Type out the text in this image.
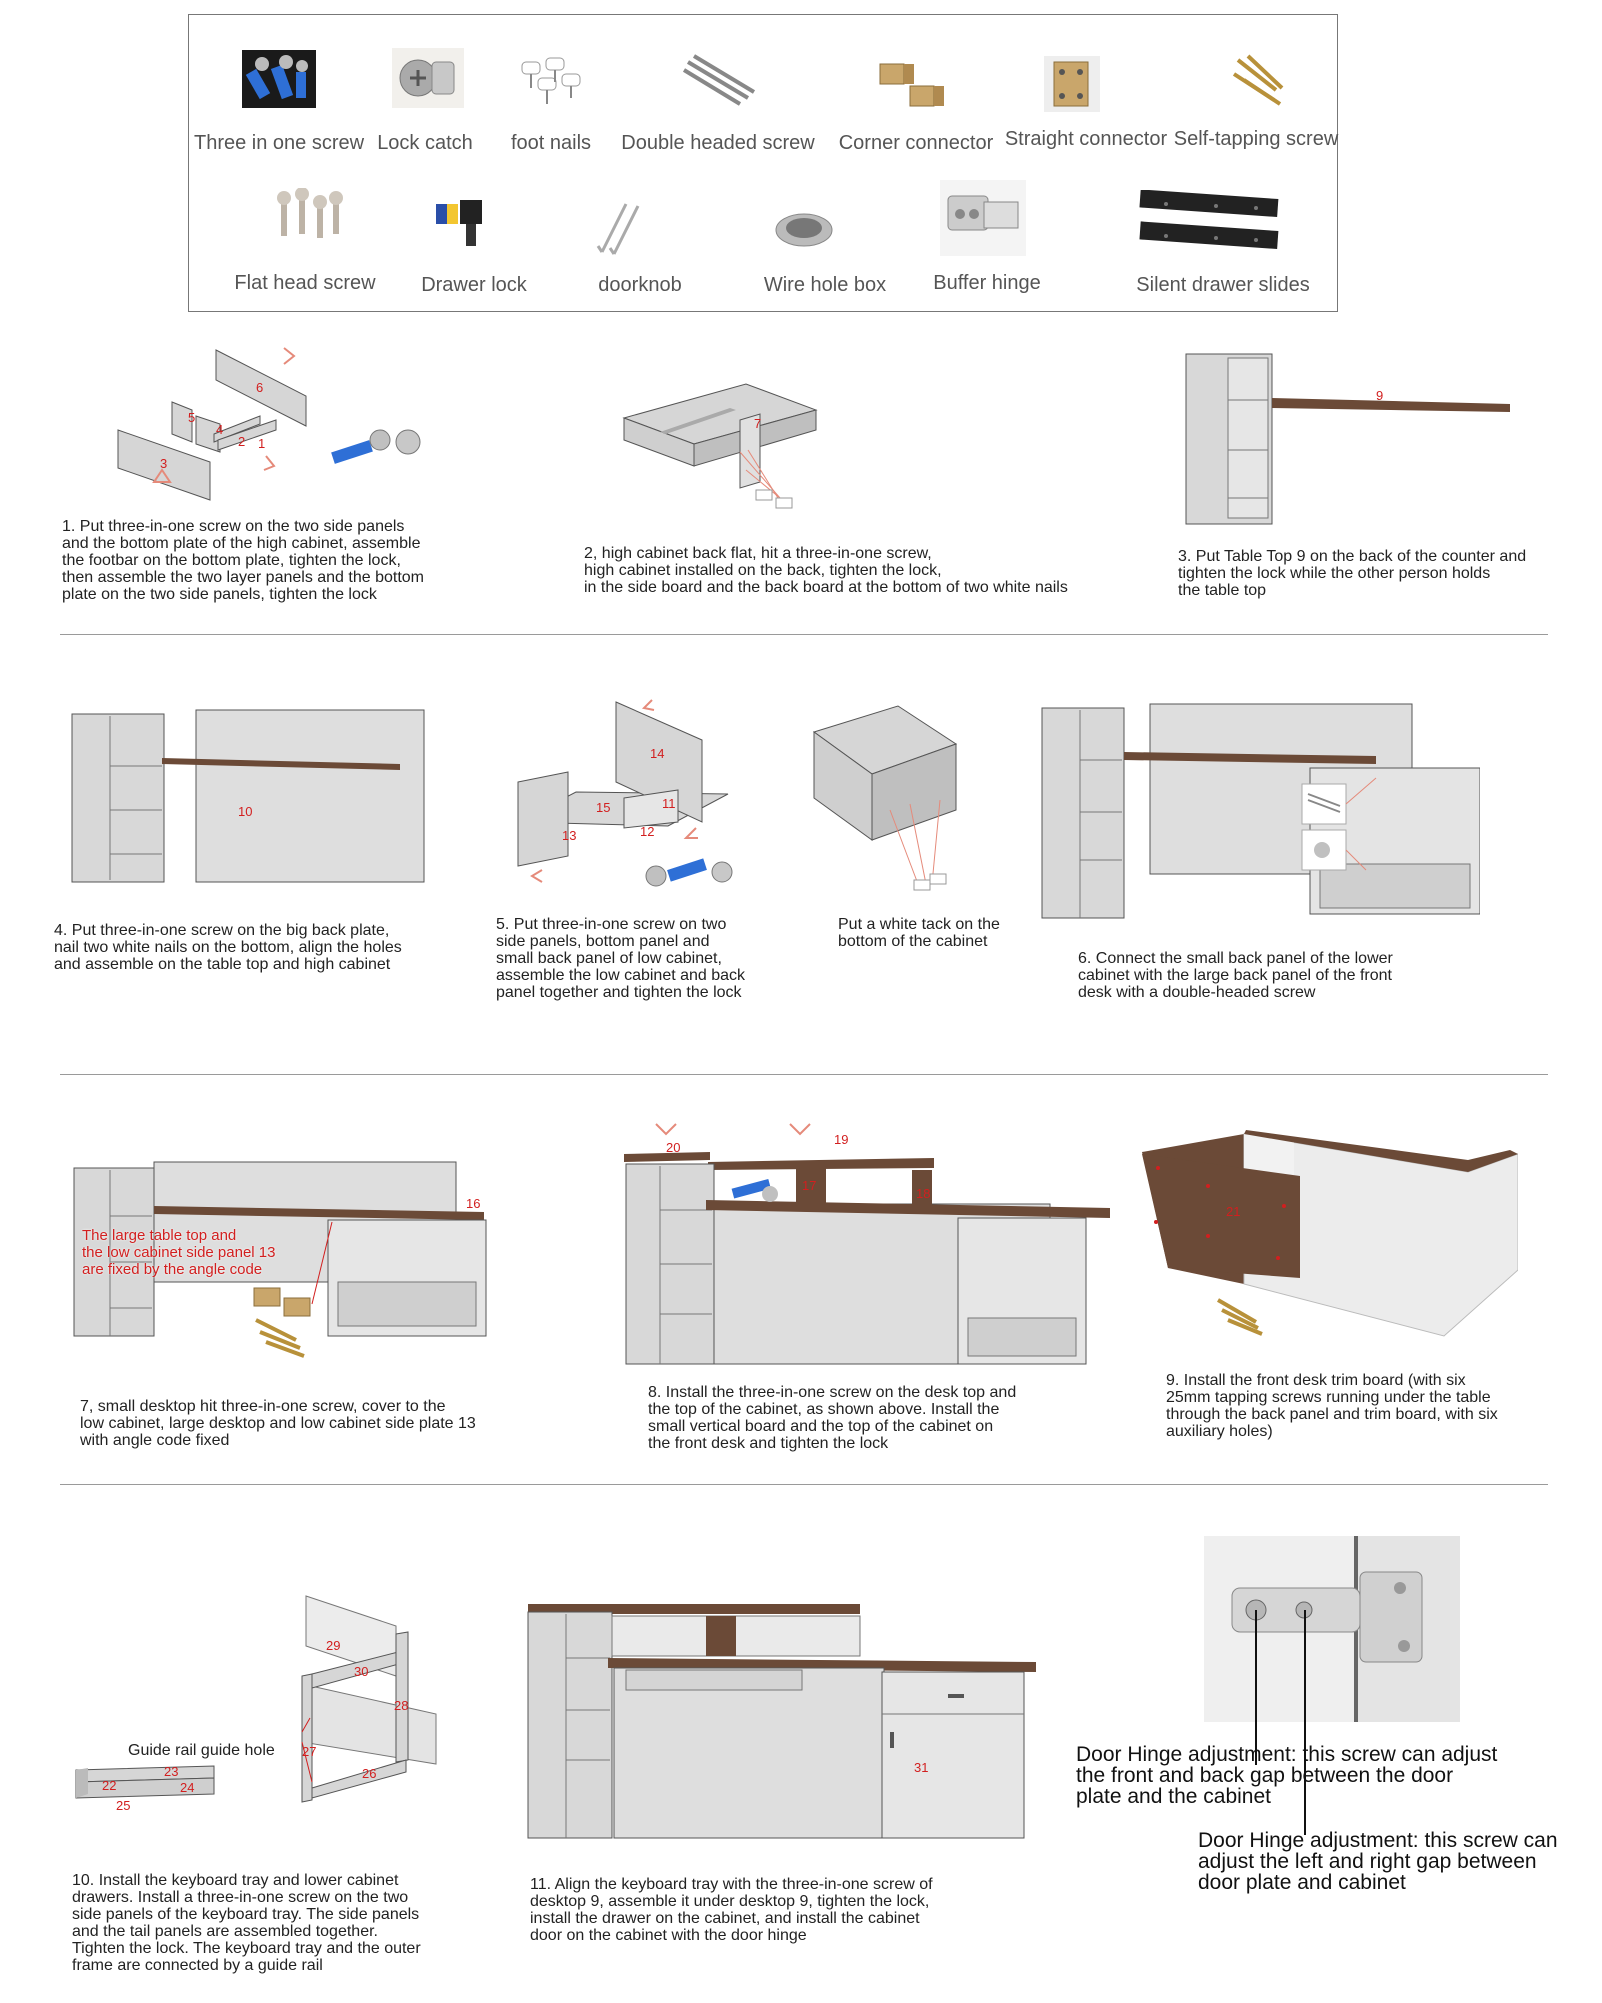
Three in one screw Lock catch	foot nails	Double headed screw Corner connector Straight connector Self-tapping screw
Flat head screw	Drawer lock	doorknob	Wire hole box	Buffer hinge	Silent drawer slides
3
5
4
2 1
6
7
9
1. Put three-in-one screw on the two side panels
and the bottom plate of the high cabinet, assemble
the footbar on the bottom plate, tighten the lock,
then assemble the two layer panels and the bottom
plate on the two side panels, tighten the lock
2, high cabinet back flat, hit a three-in-one screw,
high cabinet installed on the back, tighten the lock,
in the side board and the back board at the bottom of two white nails
3. Put Table Top 9 on the back of the counter and
tighten the lock while the other person holds
the table top
10
14
15	11
12
13
4. Put three-in-one screw on the big back plate,
nail two white nails on the bottom, align the holes
and assemble on the table top and high cabinet
5. Put three-in-one screw on two
side panels, bottom panel and
small back panel of low cabinet,
assemble the low cabinet and back
panel together and tighten the lock
Put a white tack on the
bottom of the cabinet
6. Connect the small back panel of the lower
cabinet with the large back panel of the front
desk with a double-headed screw
16
The large table top and
the low cabinet side panel 13
are fixed by the angle code
20
19
17
18
21
7, small desktop hit three-in-one screw, cover to the
low cabinet, large desktop and low cabinet side plate 13
with angle code fixed
8. Install the three-in-one screw on the desk top and
the top of the cabinet, as shown above. Install the
small vertical board and the top of the cabinet on
the front desk and tighten the lock
9. Install the front desk trim board (with six
25mm tapping screws running under the table
through the back panel and trim board, with six
auxiliary holes)
29
30
28
27
26
23
22	24
25
Guide rail guide hole
31
10. Install the keyboard tray and lower cabinet
drawers. Install a three-in-one screw on the two
side panels of the keyboard tray. The side panels
and the tail panels are assembled together.
Tighten the lock. The keyboard tray and the outer
frame are connected by a guide rail
11. Align the keyboard tray with the three-in-one screw of
desktop 9, assemble it under desktop 9, tighten the lock,
install the drawer on the cabinet, and install the cabinet
door on the cabinet with the door hinge
Door Hinge adjustment: this screw can adjust
the front and back gap between the door
plate and the cabinet
Door Hinge adjustment: this screw can
adjust the left and right gap between
door plate and cabinet
